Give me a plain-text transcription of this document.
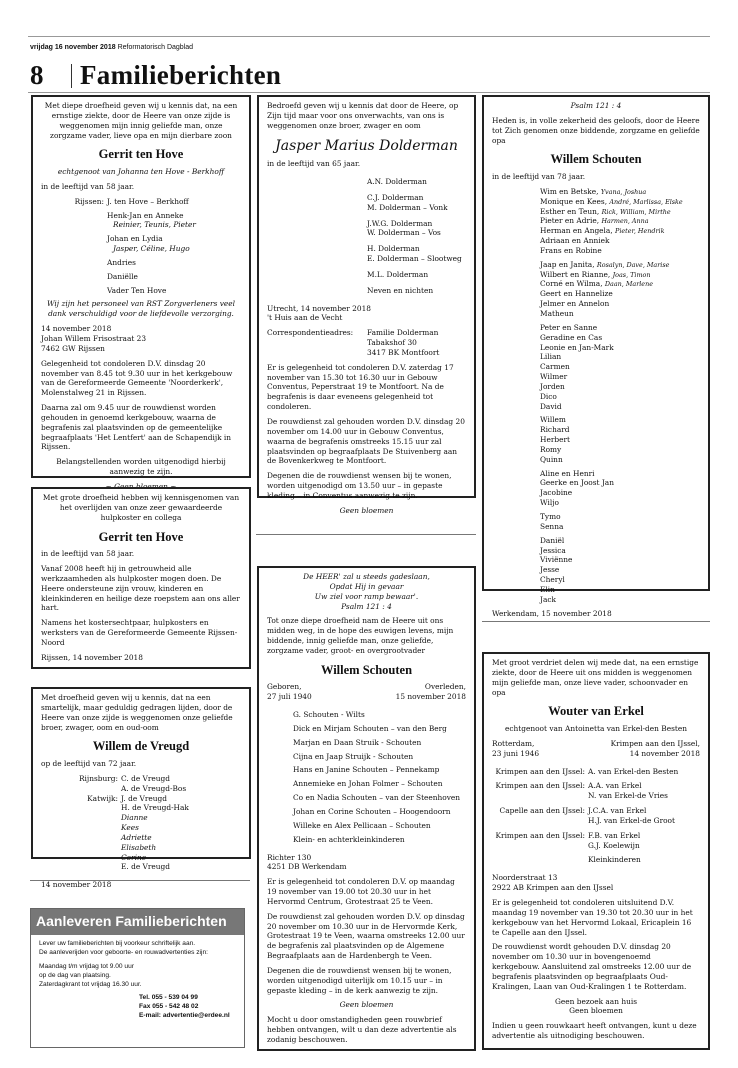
vrijdag 16 november 2018 Reformatorisch Dagblad
8 Familieberichten

Met diepe droefheid geven wij u kennis dat, na een ernstige ziekte, door de Heere van onze zijde is weggenomen mijn innig geliefde man, onze zorgzame vader, lieve opa en mijn dierbare zoon

Gerrit ten Hove
echtgenoot van Johanna ten Hove - Berkhoff

in de leeftijd van 58 jaar.

Rijssen: J. ten Hove – Berkhoff
Henk-Jan en Anneke
Reinier, Teunis, Pieter
Johan en Lydia
Jasper, Céline, Hugo
Andries
Daniëlle
Vader Ten Hove

Wij zijn het personeel van RST Zorgverleners veel dank verschuldigd voor de liefdevolle verzorging.

14 november 2018
Johan Willem Frisostraat 23
7462 GW Rijssen

Gelegenheid tot condoleren D.V. dinsdag 20 november van 8.45 tot 9.30 uur in het kerkgebouw van de Gereformeerde Gemeente 'Noorderkerk', Molenstalweg 21 in Rijssen.

Daarna zal om 9.45 uur de rouwdienst worden gehouden in genoemd kerkgebouw, waarna de begrafenis zal plaatsvinden op de gemeentelijke begraafplaats 'Het Lentfert' aan de Schapendijk in Rijssen.

Belangstellenden worden uitgenodigd hierbij aanwezig te zijn.

~ Geen bloemen ~

Met grote droefheid hebben wij kennisgenomen van het overlijden van onze zeer gewaardeerde hulpkoster en collega

Gerrit ten Hove

in de leeftijd van 58 jaar.

Vanaf 2008 heeft hij in getrouwheid alle werkzaamheden als hulpkoster mogen doen. De Heere ondersteune zijn vrouw, kinderen en kleinkinderen en heilige deze roepstem aan ons aller hart.

Namens het kostersechtpaar, hulpkosters en werksters van de Gereformeerde Gemeente Rijssen-Noord

Rijssen, 14 november 2018

Met droefheid geven wij u kennis, dat na een smartelijk, maar geduldig gedragen lijden, door de Heere van onze zijde is weggenomen onze geliefde broer, zwager, oom en oud-oom

Willem de Vreugd

op de leeftijd van 72 jaar.

Rijnsburg: C. de Vreugd
A. de Vreugd-Bos
Katwijk: J. de Vreugd
H. de Vreugd-Hak
Dianne
Kees
Adriette
Elisabeth
Corine
E. de Vreugd

14 november 2018

Aanleveren Familieberichten

Lever uw familieberichten bij voorkeur schriftelijk aan.
De aanleverijden voor geboorte- en rouwadvertenties zijn:

Maandag t/m vrijdag tot 9.00 uur
op de dag van plaatsing.
Zaterdagkrant tot vrijdag 16.30 uur.

Tel. 055 - 539 04 99
Fax 055 - 542 48 02
E-mail: advertentie@erdee.nl

Bedroefd geven wij u kennis dat door de Heere, op Zijn tijd maar voor ons onverwachts, van ons is weggenomen onze broer, zwager en oom

Jasper Marius Dolderman

in de leeftijd van 65 jaar.

A.N. Dolderman
C.J. Dolderman
M. Dolderman – Vonk
J.W.G. Dolderman
W. Dolderman – Vos
H. Dolderman
E. Dolderman – Slootweg
M.L. Dolderman
Neven en nichten

Utrecht, 14 november 2018
't Huis aan de Vecht

Correspondentieadres:	Familie Dolderman
Tabakshof 30
3417 BK Montfoort

Er is gelegenheid tot condoleren D.V. zaterdag 17 november van 15.30 tot 16.30 uur in Gebouw Conventus, Peperstraat 19 te Montfoort. Na de begrafenis is daar eveneens gelegenheid tot condoleren.

De rouwdienst zal gehouden worden D.V. dinsdag 20 november om 14.00 uur in Gebouw Conventus, waarna de begrafenis omstreeks 15.15 uur zal plaatsvinden op begraafplaats De Stuivenberg aan de Bovenkerkweg te Montfoort.

Degenen die de rouwdienst wensen bij te wonen, worden uitgenodigd om 13.50 uur – in gepaste kleding – in Conventus aanwezig te zijn.

Geen bloemen

De HEER' zal u steeds gadeslaan,
Opdat Hij in gevaar
Uw ziel voor ramp bewaar'.
Psalm 121 : 4

Tot onze diepe droefheid nam de Heere uit ons midden weg, in de hope des euwigen levens, mijn biddende, innig geliefde man, onze geliefde, zorgzame vader, groot- en overgrootvader

Willem Schouten
Geboren,
27 juli 1940
Overleden,
15 november 2018
G. Schouten - Wilts
Dick en Mirjam Schouten – van den Berg
Marjan en Daan Struik - Schouten
Cijna en Jaap Struijk - Schouten
Hans en Janine Schouten – Pennekamp
Annemieke en Johan Folmer – Schouten
Co en Nadia Schouten – van der Steenhoven
Johan en Corine Schouten – Hoogendoorn
Willeke en Alex Pellicaan – Schouten
Klein- en achterkleinkinderen

Richter 130
4251 DB Werkendam

Er is gelegenheid tot condoleren D.V. op maandag 19 november van 19.00 tot 20.30 uur in het Hervormd Centrum, Grotestraat 25 te Veen.

De rouwdienst zal gehouden worden D.V. op dinsdag 20 november om 10.30 uur in de Hervormde Kerk, Grotestraat 19 te Veen, waarna omstreeks 12.00 uur de begrafenis zal plaatsvinden op de Algemene Begraafplaats aan de Hardenbergh te Veen.

Degenen die de rouwdienst wensen bij te wonen, worden uitgenodigd uiterlijk om 10.15 uur – in gepaste kleding – in de kerk aanwezig te zijn.

Geen bloemen

Mocht u door omstandigheden geen rouwbrief hebben ontvangen, wilt u dan deze advertentie als zodanig beschouwen.

Psalm 121 : 4

Heden is, in volle zekerheid des geloofs, door de Heere tot Zich genomen onze biddende, zorgzame en geliefde opa

Willem Schouten

in de leeftijd van 78 jaar.

Wim en Betske, Yvana, Joshua
Monique en Kees, André, Marlissa, Elske
Esther en Teun, Rick, William, Mirthe
Pieter en Adrie, Harmen, Anna
Herman en Angela, Pieter, Hendrik
Adriaan en Anniek
Frans en Robine
Jaap en Janita, Rosalyn, Dave, Marise
Wilbert en Rianne, Joas, Timon
Corné en Wilma, Daan, Marlene
Geert en Hannelize
Jelmer en Annelon
Matheun
Peter en Sanne
Geradine en Cas
Leonie en Jan-Mark
Lilian
Carmen
Wilmer
Jorden
Dico
David
Willem
Richard
Herbert
Romy
Quinn
Aline en Henri
Geerke en Joost Jan
Jacobine
Wiljo
Tymo
Senna
Daniël
Jessica
Viviënne
Jesse
Cheryl
Elin
Jack

Werkendam, 15 november 2018

Met groot verdriet delen wij mede dat, na een ernstige ziekte, door de Heere uit ons midden is weggenomen mijn geliefde man, onze lieve vader, schoonvader en opa

Wouter van Erkel
echtgenoot van Antoinetta van Erkel-den Besten
Rotterdam,
23 juni 1946
Krimpen aan den IJssel,
14 november 2018
Krimpen aan den IJssel: A. van Erkel-den Besten
Krimpen aan den IJssel: A.A. van Erkel
N. van Erkel-de Vries
Capelle aan den IJssel: J.C.A. van Erkel
H.J. van Erkel-de Groot
Krimpen aan den IJssel: F.B. van Erkel
G.J. Koelewijn
Kleinkinderen

Noorderstraat 13
2922 AB Krimpen aan den IJssel

Er is gelegenheid tot condoleren uitsluitend D.V. maandag 19 november van 19.30 tot 20.30 uur in het kerkgebouw van het Hervormd Lokaal, Ericaplein 16 te Capelle aan den IJssel.

De rouwdienst wordt gehouden D.V. dinsdag 20 november om 10.30 uur in bovengenoemd kerkgebouw. Aansluitend zal omstreeks 12.00 uur de begrafenis plaatsvinden op begraafplaats Oud-Kralingen, Laan van Oud-Kralingen 1 te Rotterdam.

Geen bezoek aan huis
Geen bloemen

Indien u geen rouwkaart heeft ontvangen, kunt u deze advertentie als uitnodiging beschouwen.
